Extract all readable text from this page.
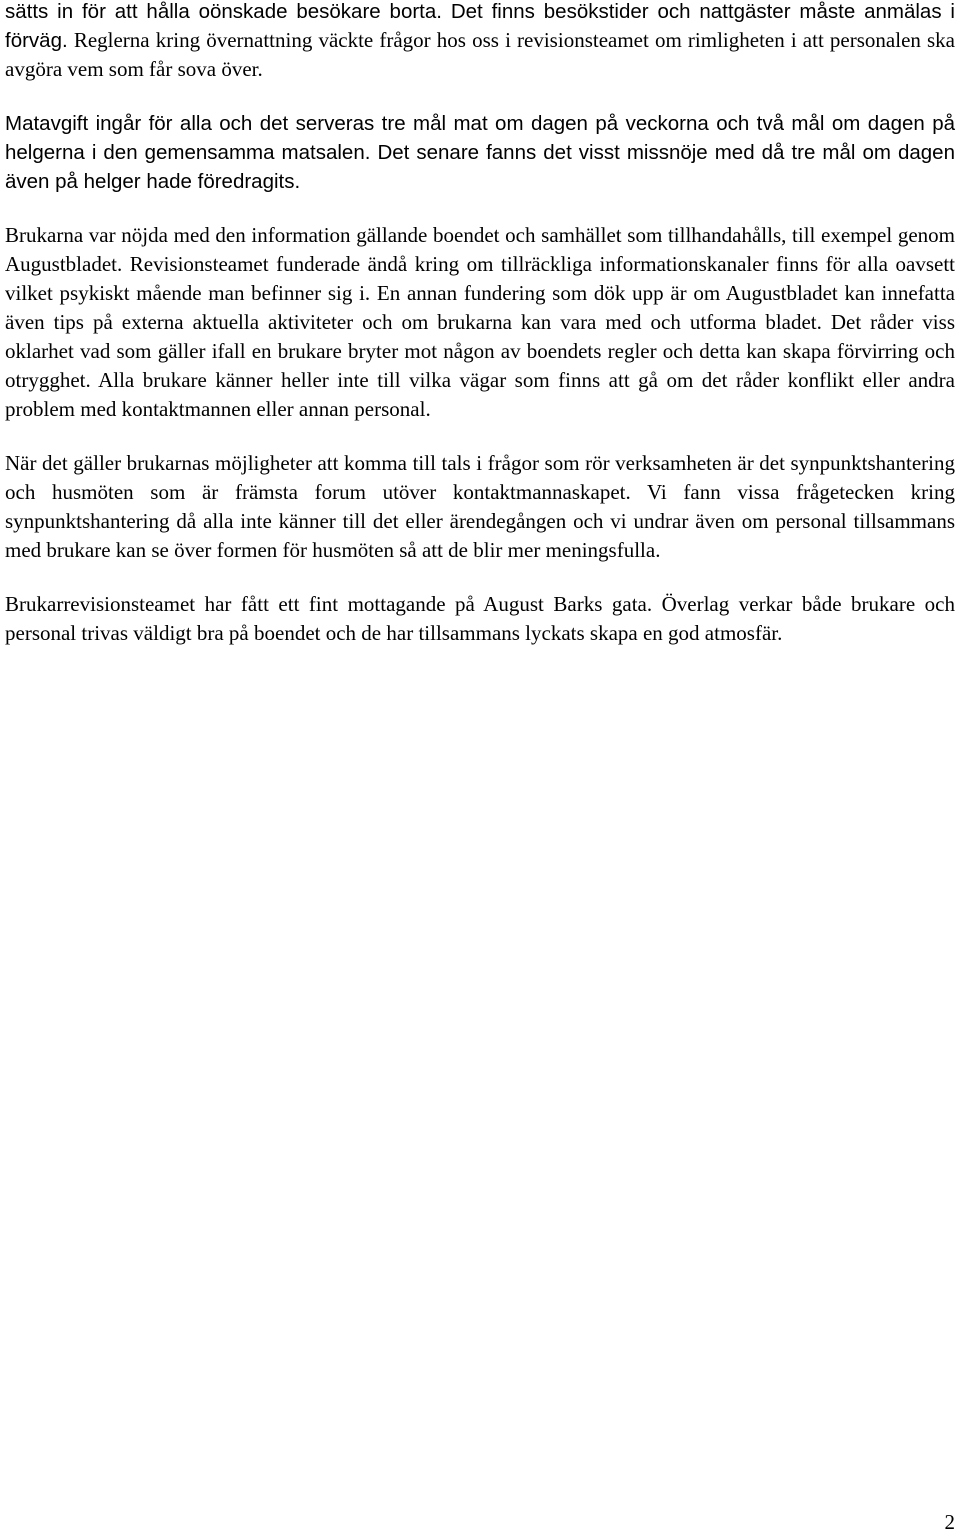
sätts in för att hålla oönskade besökare borta. Det finns besökstider och nattgäster måste anmälas i förväg. Reglerna kring övernattning väckte frågor hos oss i revisionsteamet om rimligheten i att personalen ska avgöra vem som får sova över.

Matavgift ingår för alla och det serveras tre mål mat om dagen på veckorna och två mål om dagen på helgerna i den gemensamma matsalen. Det senare fanns det visst missnöje med då tre mål om dagen även på helger hade föredragits.

Brukarna var nöjda med den information gällande boendet och samhället som tillhandahålls, till exempel genom Augustbladet. Revisionsteamet funderade ändå kring om tillräckliga informationskanaler finns för alla oavsett vilket psykiskt mående man befinner sig i. En annan fundering som dök upp är om Augustbladet kan innefatta även tips på externa aktuella aktiviteter och om brukarna kan vara med och utforma bladet. Det råder viss oklarhet vad som gäller ifall en brukare bryter mot någon av boendets regler och detta kan skapa förvirring och otrygghet. Alla brukare känner heller inte till vilka vägar som finns att gå om det råder konflikt eller andra problem med kontaktmannen eller annan personal.

När det gäller brukarnas möjligheter att komma till tals i frågor som rör verksamheten är det synpunktshantering och husmöten som är främsta forum utöver kontaktmannaskapet. Vi fann vissa frågetecken kring synpunktshantering då alla inte känner till det eller ärendegången och vi undrar även om personal tillsammans med brukare kan se över formen för husmöten så att de blir mer meningsfulla.

Brukarrevisionsteamet har fått ett fint mottagande på August Barks gata. Överlag verkar både brukare och personal trivas väldigt bra på boendet och de har tillsammans lyckats skapa en god atmosfär.

2
